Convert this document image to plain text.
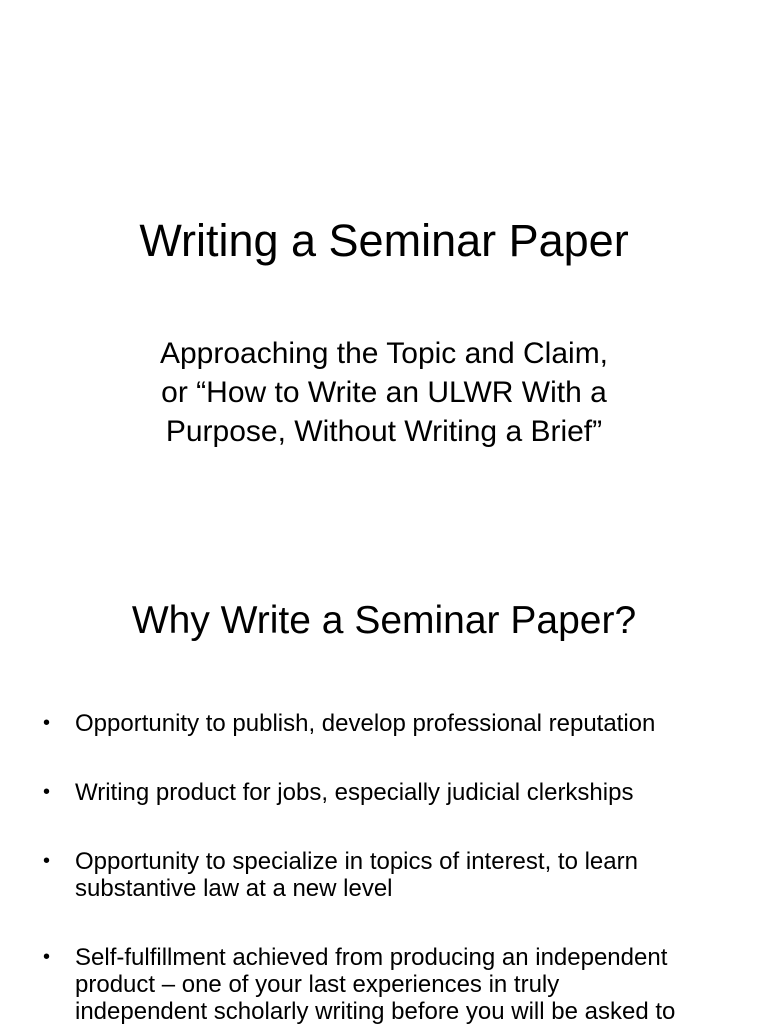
Writing a Seminar Paper
Approaching the Topic and Claim,
or “How to Write an ULWR With a
Purpose, Without Writing a Brief”
Why Write a Seminar Paper?
• Opportunity to publish, develop professional reputation
• Writing product for jobs, especially judicial clerkships
• Opportunity to specialize in topics of interest, to learn
substantive law at a new level
• Self-fulfillment achieved from producing an independent
product – one of your last experiences in truly
independent scholarly writing before you will be asked to
